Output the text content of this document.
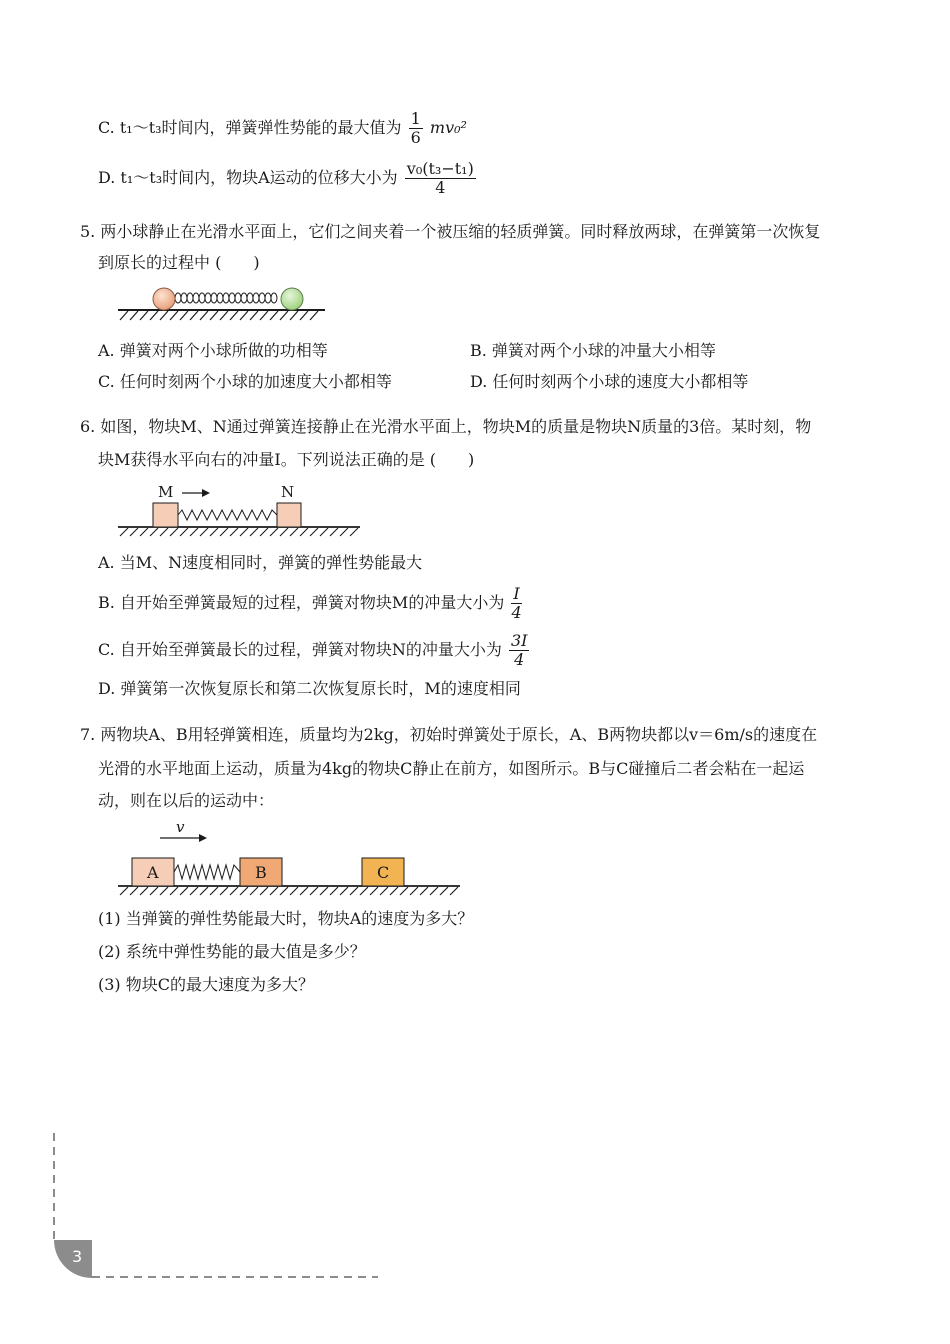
C. t₁～t₃时间内，弹簧弹性势能的最大值为 $\frac{1}{6} mv_0^2$
D. t₁～t₃时间内，物块A运动的位移大小为 $\frac{\text{v₀(t₃−t₁)}}{4}$
5. 两小球静止在光滑水平面上，它们之间夹着一个被压缩的轻质弹簧。同时释放两球，在弹簧第一次恢复
到原长的过程中 (　　)
A. 弹簧对两个小球所做的功相等	B. 弹簧对两个小球的冲量大小相等
C. 任何时刻两个小球的加速度大小都相等	D. 任何时刻两个小球的速度大小都相等
6. 如图，物块M、N通过弹簧连接静止在光滑水平面上，物块M的质量是物块N质量的3倍。某时刻，物
块M获得水平向右的冲量I。下列说法正确的是 (　　)
M	N
A. 当M、N速度相同时，弹簧的弹性势能最大
B. 自开始至弹簧最短的过程，弹簧对物块M的冲量大小为 $\frac{I}{4}$
C. 自开始至弹簧最长的过程，弹簧对物块N的冲量大小为 $\frac{3I}{4}$
D. 弹簧第一次恢复原长和第二次恢复原长时，M的速度相同
7. 两物块A、B用轻弹簧相连，质量均为2kg，初始时弹簧处于原长，A、B两物块都以v＝6m/s的速度在
光滑的水平地面上运动，质量为4kg的物块C静止在前方，如图所示。B与C碰撞后二者会粘在一起运
动，则在以后的运动中：
v
A	B	C
(1) 当弹簧的弹性势能最大时，物块A的速度为多大？
(2) 系统中弹性势能的最大值是多少？
(3) 物块C的最大速度为多大？
3
